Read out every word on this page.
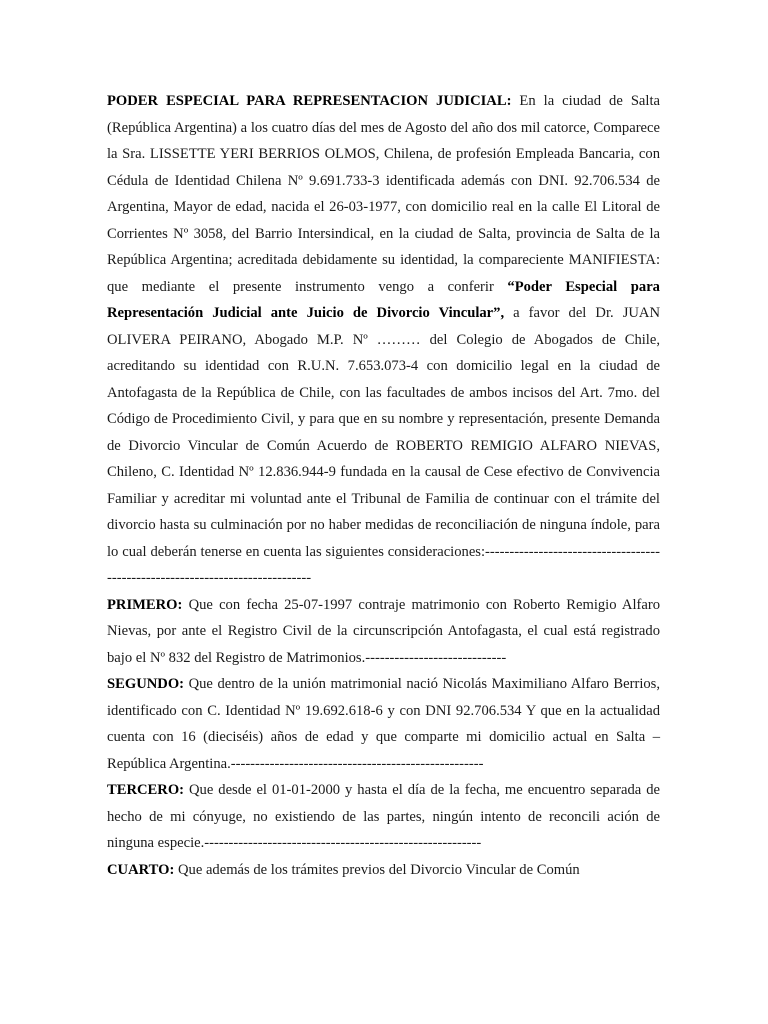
PODER ESPECIAL PARA REPRESENTACION JUDICIAL: En la ciudad de Salta (República Argentina) a los cuatro días del mes de Agosto del año dos mil catorce, Comparece la Sra. LISSETTE YERI BERRIOS OLMOS, Chilena, de profesión Empleada Bancaria, con Cédula de Identidad Chilena Nº 9.691.733-3 identificada además con DNI. 92.706.534 de Argentina, Mayor de edad, nacida el 26-03-1977, con domicilio real en la calle El Litoral de Corrientes Nº 3058, del Barrio Intersindical, en la ciudad de Salta, provincia de Salta de la República Argentina; acreditada debidamente su identidad, la compareciente MANIFIESTA: que mediante el presente instrumento vengo a conferir “Poder Especial para Representación Judicial ante Juicio de Divorcio Vincular”, a favor del Dr. JUAN OLIVERA PEIRANO, Abogado M.P. Nº ……… del Colegio de Abogados de Chile, acreditando su identidad con R.U.N. 7.653.073-4 con domicilio legal en la ciudad de Antofagasta de la República de Chile, con las facultades de ambos incisos del Art. 7mo. del Código de Procedimiento Civil, y para que en su nombre y representación, presente Demanda de Divorcio Vincular de Común Acuerdo de ROBERTO REMIGIO ALFARO NIEVAS, Chileno, C. Identidad Nº 12.836.944-9 fundada en la causal de Cese efectivo de Convivencia Familiar y acreditar mi voluntad ante el Tribunal de Familia de continuar con el trámite del divorcio hasta su culminación por no haber medidas de reconciliación de ninguna índole, para lo cual deberán tenerse en cuenta las siguientes consideraciones:------------------------------------------------------------------------------

PRIMERO: Que con fecha 25-07-1997 contraje matrimonio con Roberto Remigio Alfaro Nievas, por ante el Registro Civil de la circunscripción Antofagasta, el cual está registrado bajo el Nº 832 del Registro de Matrimonios.-----------------------------

SEGUNDO: Que dentro de la unión matrimonial nació Nicolás Maximiliano Alfaro Berrios, identificado con C. Identidad Nº 19.692.618-6 y con DNI 92.706.534 Y que en la actualidad cuenta con 16 (dieciséis) años de edad y que comparte mi domicilio actual en Salta – República Argentina.----------------------------------------------------

TERCERO: Que desde el 01-01-2000 y hasta el día de la fecha, me encuentro separada de hecho de mi cónyuge, no existiendo de las partes, ningún intento de reconcili ación de ninguna especie.---------------------------------------------------------

CUARTO: Que además de los trámites previos del Divorcio Vincular de Común
